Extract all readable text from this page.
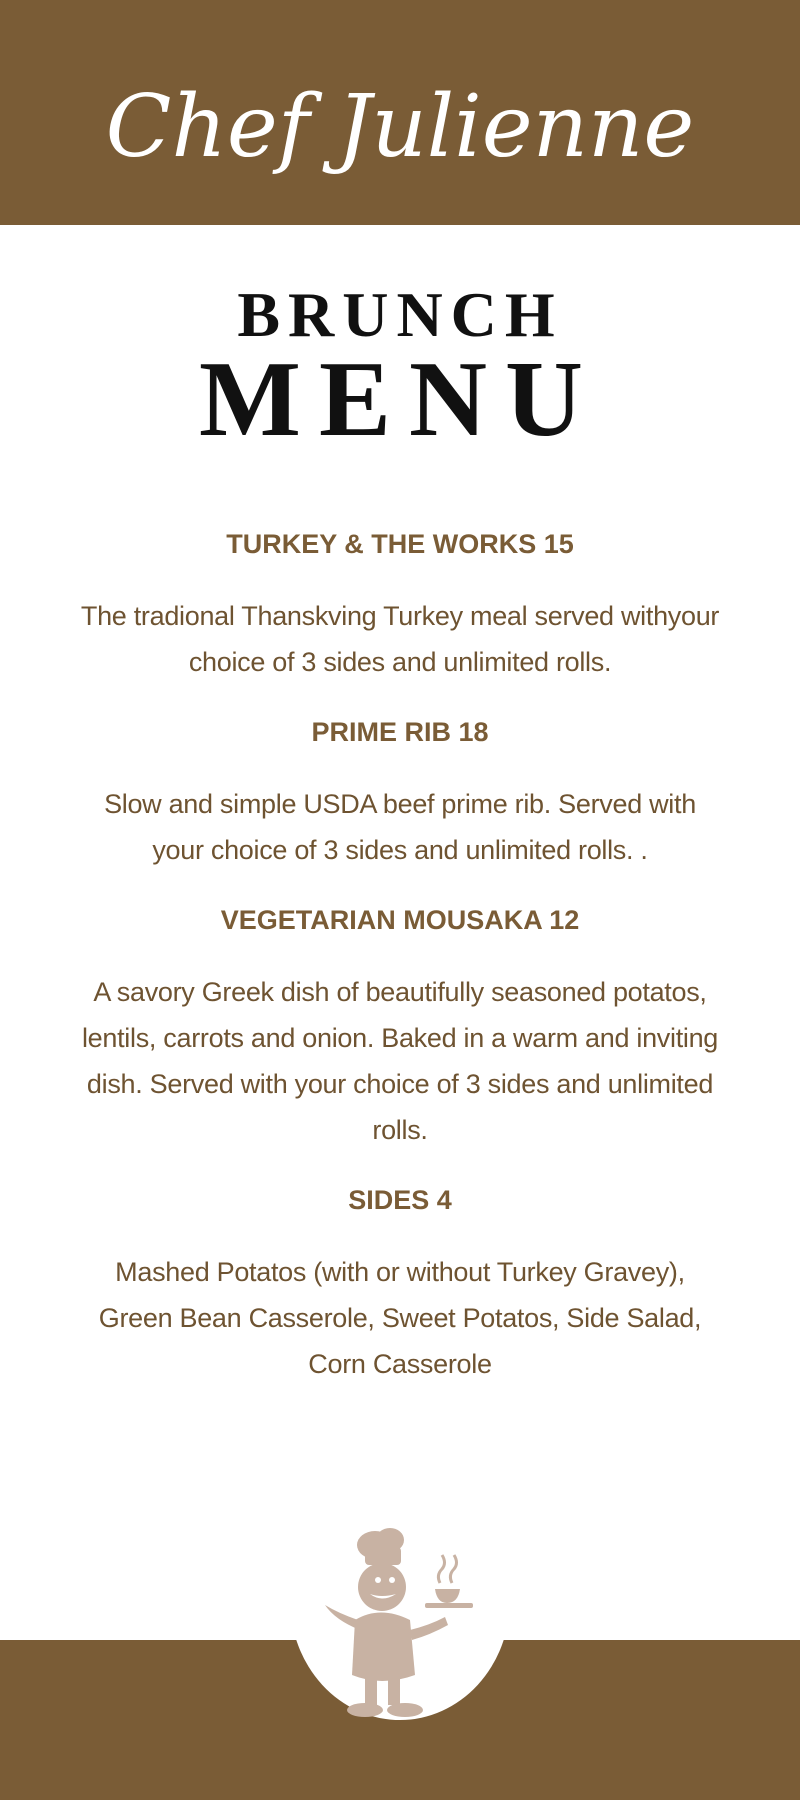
Chef Julienne
BRUNCH
MENU
TURKEY & THE WORKS 15
The tradional Thanskving Turkey meal served withyour choice of 3 sides and unlimited rolls.
PRIME RIB 18
Slow and simple USDA beef prime rib. Served with your choice of 3 sides and unlimited rolls. .
VEGETARIAN MOUSAKA 12
A savory Greek dish of beautifully seasoned potatos, lentils, carrots and onion. Baked in a warm and inviting dish. Served with your choice of 3 sides and unlimited rolls.
SIDES 4
Mashed Potatos (with or without Turkey Gravey), Green Bean Casserole, Sweet Potatos, Side Salad, Corn Casserole
